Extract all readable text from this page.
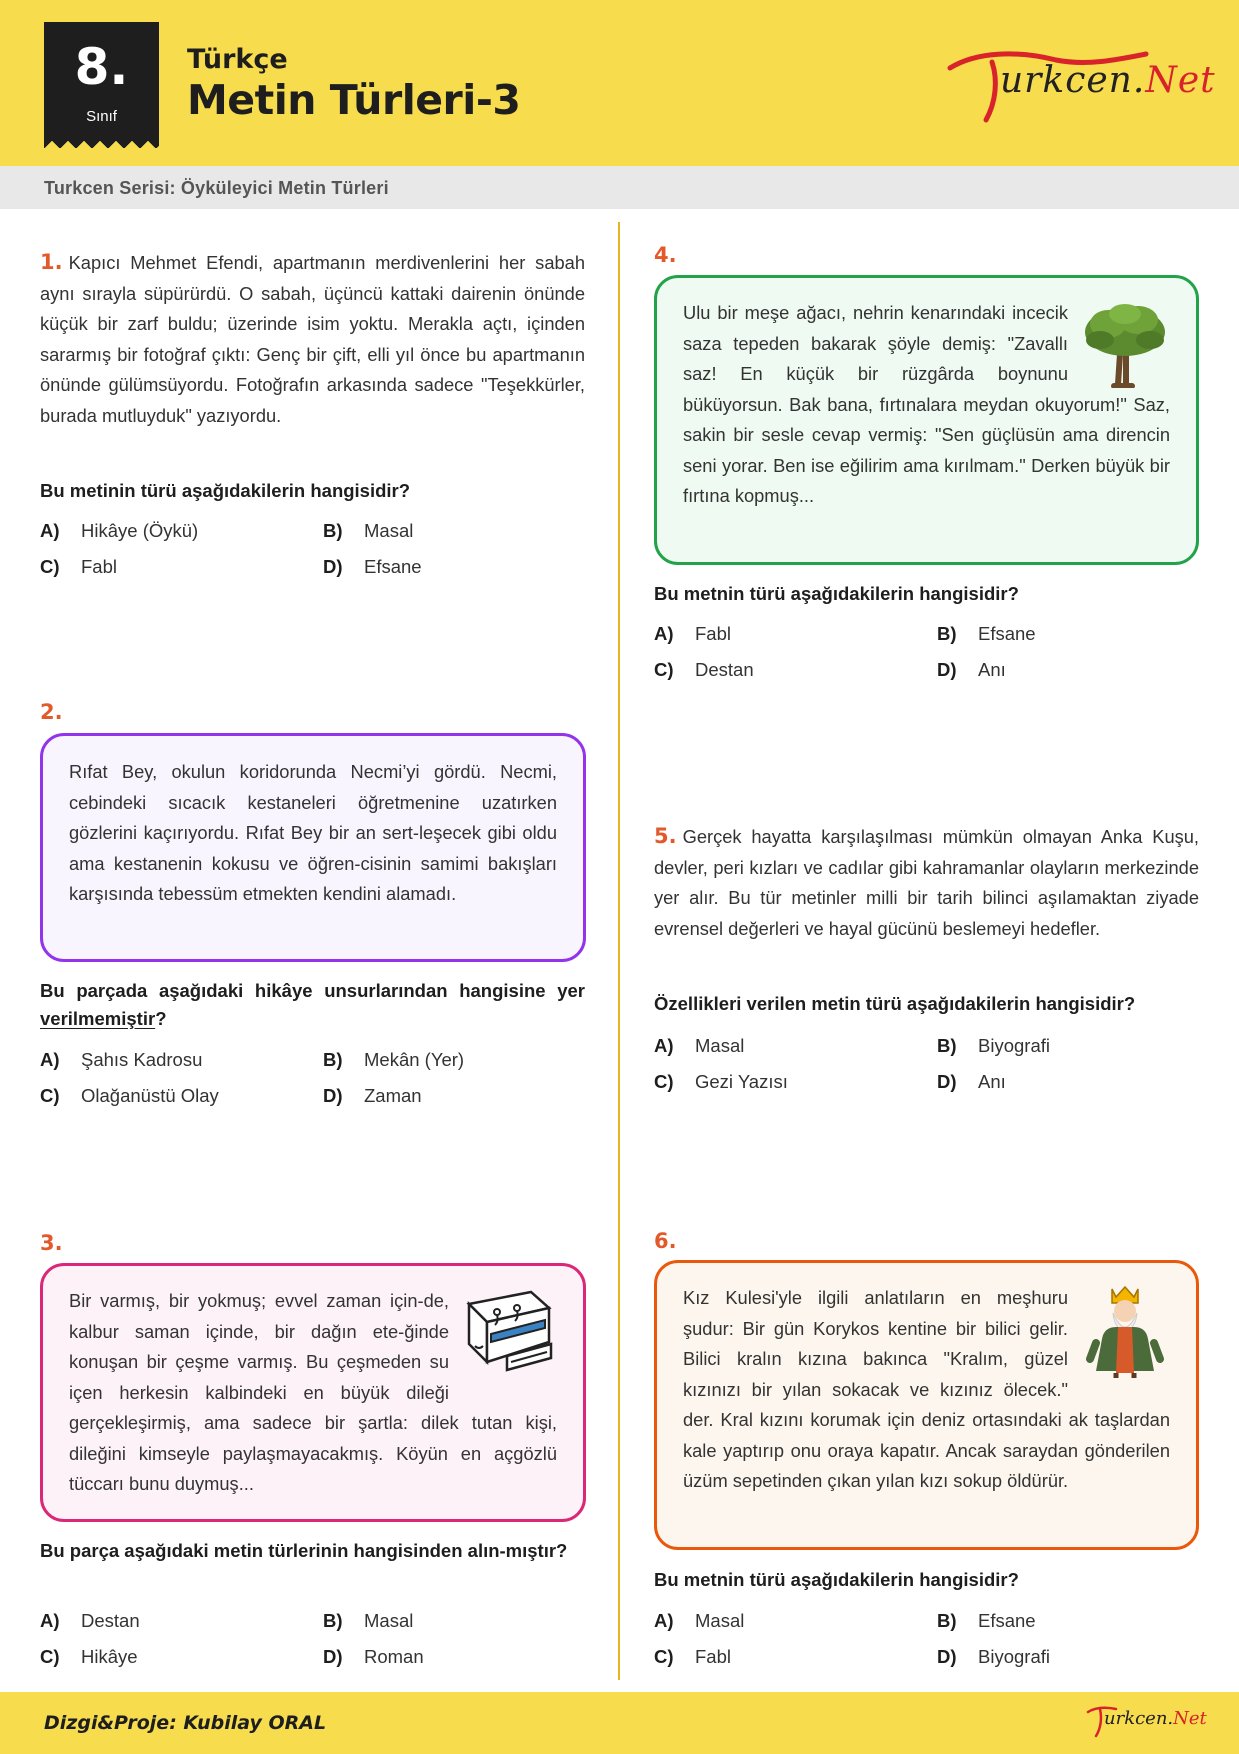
8.
Sınıf
Türkçe
Metin Türleri-3	urkcen.Net
Turkcen Serisi: Öyküleyici Metin Türleri
1. Kapıcı Mehmet Efendi, apartmanın merdivenlerini her sabah aynı sırayla süpürürdü. O sabah, üçüncü kattaki dairenin önünde küçük bir zarf buldu; üzerinde isim yoktu. Merakla açtı, içinden sararmış bir fotoğraf çıktı: Genç bir çift, elli yıl önce bu apartmanın önünde gülümsüyordu. Fotoğrafın arkasında sadece "Teşekkürler, burada mutluyduk" yazıyordu.
Bu metinin türü aşağıdakilerin hangisidir?
A) Hikâye (Öykü)	B) Masal
C) Fabl	D) Efsane
2.
Rıfat Bey, okulun koridorunda Necmi’yi gördü. Necmi, cebindeki sıcacık kestaneleri öğretmenine uzatırken gözlerini kaçırıyordu. Rıfat Bey bir an sert-leşecek gibi oldu ama kestanenin kokusu ve öğren-cisinin samimi bakışları karşısında tebessüm etmekten kendini alamadı.
Bu parçada aşağıdaki hikâye unsurlarından hangisine yer verilmemiştir?
A) Şahıs Kadrosu	B) Mekân (Yer)
C) Olağanüstü Olay	D) Zaman
3.
Bir varmış, bir yokmuş; evvel zaman için-de, kalbur saman içinde, bir dağın ete-ğinde konuşan bir çeşme varmış. Bu çeşmeden su içen herkesin kalbindeki en büyük dileği gerçekleşirmiş, ama sadece bir şartla: dilek tutan kişi, dileğini kimseyle paylaşmayacakmış. Köyün en açgözlü tüccarı bunu duymuş...
Bu parça aşağıdaki metin türlerinin hangisinden alın-mıştır?
A) Destan	B) Masal
C) Hikâye	D) Roman
4.
Ulu bir meşe ağacı, nehrin kenarındaki incecik saza tepeden bakarak şöyle demiş: "Zavallı saz! En küçük bir rüzgârda boynunu büküyorsun. Bak bana, fırtınalara meydan okuyorum!" Saz, sakin bir sesle cevap vermiş: "Sen güçlüsün ama direncin seni yorar. Ben ise eğilirim ama kırılmam." Derken büyük bir fırtına kopmuş...
Bu metnin türü aşağıdakilerin hangisidir?
A) Fabl	B) Efsane
C) Destan	D) Anı
5. Gerçek hayatta karşılaşılması mümkün olmayan Anka Kuşu, devler, peri kızları ve cadılar gibi kahramanlar olayların merkezinde yer alır. Bu tür metinler milli bir tarih bilinci aşılamaktan ziyade evrensel değerleri ve hayal gücünü beslemeyi hedefler.
Özellikleri verilen metin türü aşağıdakilerin hangisidir?
A) Masal	B) Biyografi
C) Gezi Yazısı	D) Anı
6.
Kız Kulesi'yle ilgili anlatıların en meşhuru şudur: Bir gün Korykos kentine bir bilici gelir. Bilici kralın kızına bakınca "Kralım, güzel kızınızı bir yılan sokacak ve kızınız ölecek." der. Kral kızını korumak için deniz ortasındaki ak taşlardan kale yaptırıp onu oraya kapatır. Ancak saraydan gönderilen üzüm sepetinden çıkan yılan kızı sokup öldürür.
Bu metnin türü aşağıdakilerin hangisidir?
A) Masal	B) Efsane
C) Fabl	D) Biyografi
Dizgi&Proje: Kubilay ORAL	urkcen.Net
